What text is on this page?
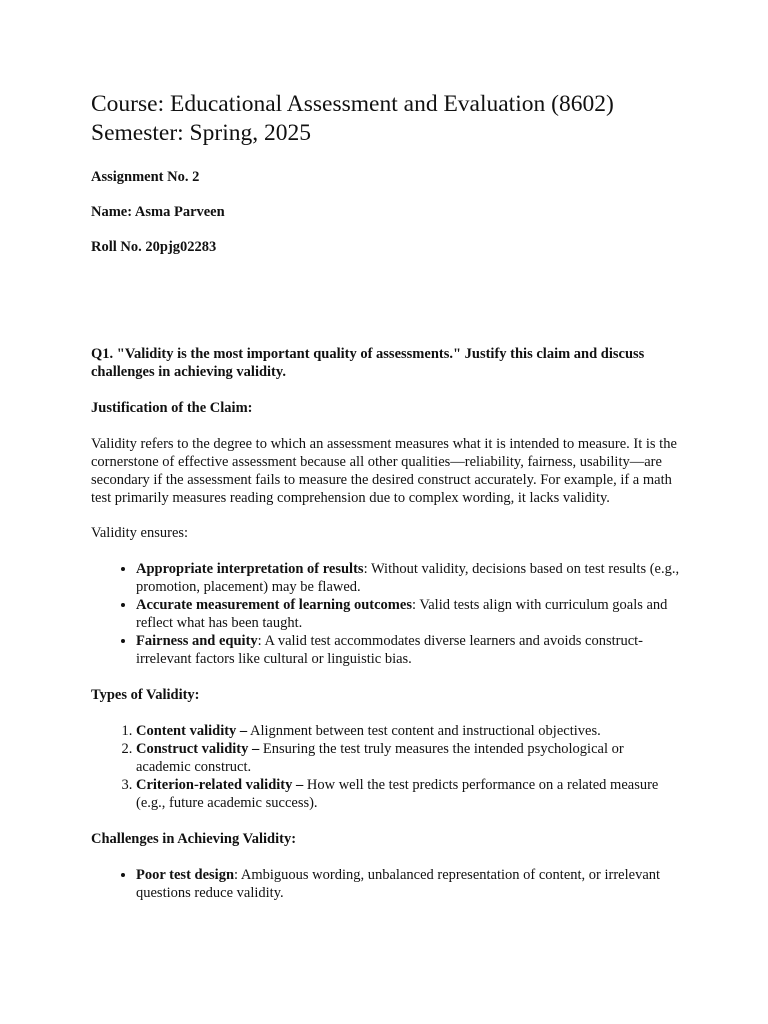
Course: Educational Assessment and Evaluation (8602)
Semester: Spring, 2025

Assignment No. 2

Name: Asma Parveen

Roll No. 20pjg02283

Q1. "Validity is the most important quality of assessments." Justify this claim and discuss challenges in achieving validity.

Justification of the Claim:

Validity refers to the degree to which an assessment measures what it is intended to measure. It is the cornerstone of effective assessment because all other qualities—reliability, fairness, usability—are secondary if the assessment fails to measure the desired construct accurately. For example, if a math test primarily measures reading comprehension due to complex wording, it lacks validity.

Validity ensures:

• Appropriate interpretation of results: Without validity, decisions based on test results (e.g., promotion, placement) may be flawed.
• Accurate measurement of learning outcomes: Valid tests align with curriculum goals and reflect what has been taught.
• Fairness and equity: A valid test accommodates diverse learners and avoids construct-irrelevant factors like cultural or linguistic bias.

Types of Validity:

1. Content validity – Alignment between test content and instructional objectives.
2. Construct validity – Ensuring the test truly measures the intended psychological or academic construct.
3. Criterion-related validity – How well the test predicts performance on a related measure (e.g., future academic success).

Challenges in Achieving Validity:

• Poor test design: Ambiguous wording, unbalanced representation of content, or irrelevant questions reduce validity.
